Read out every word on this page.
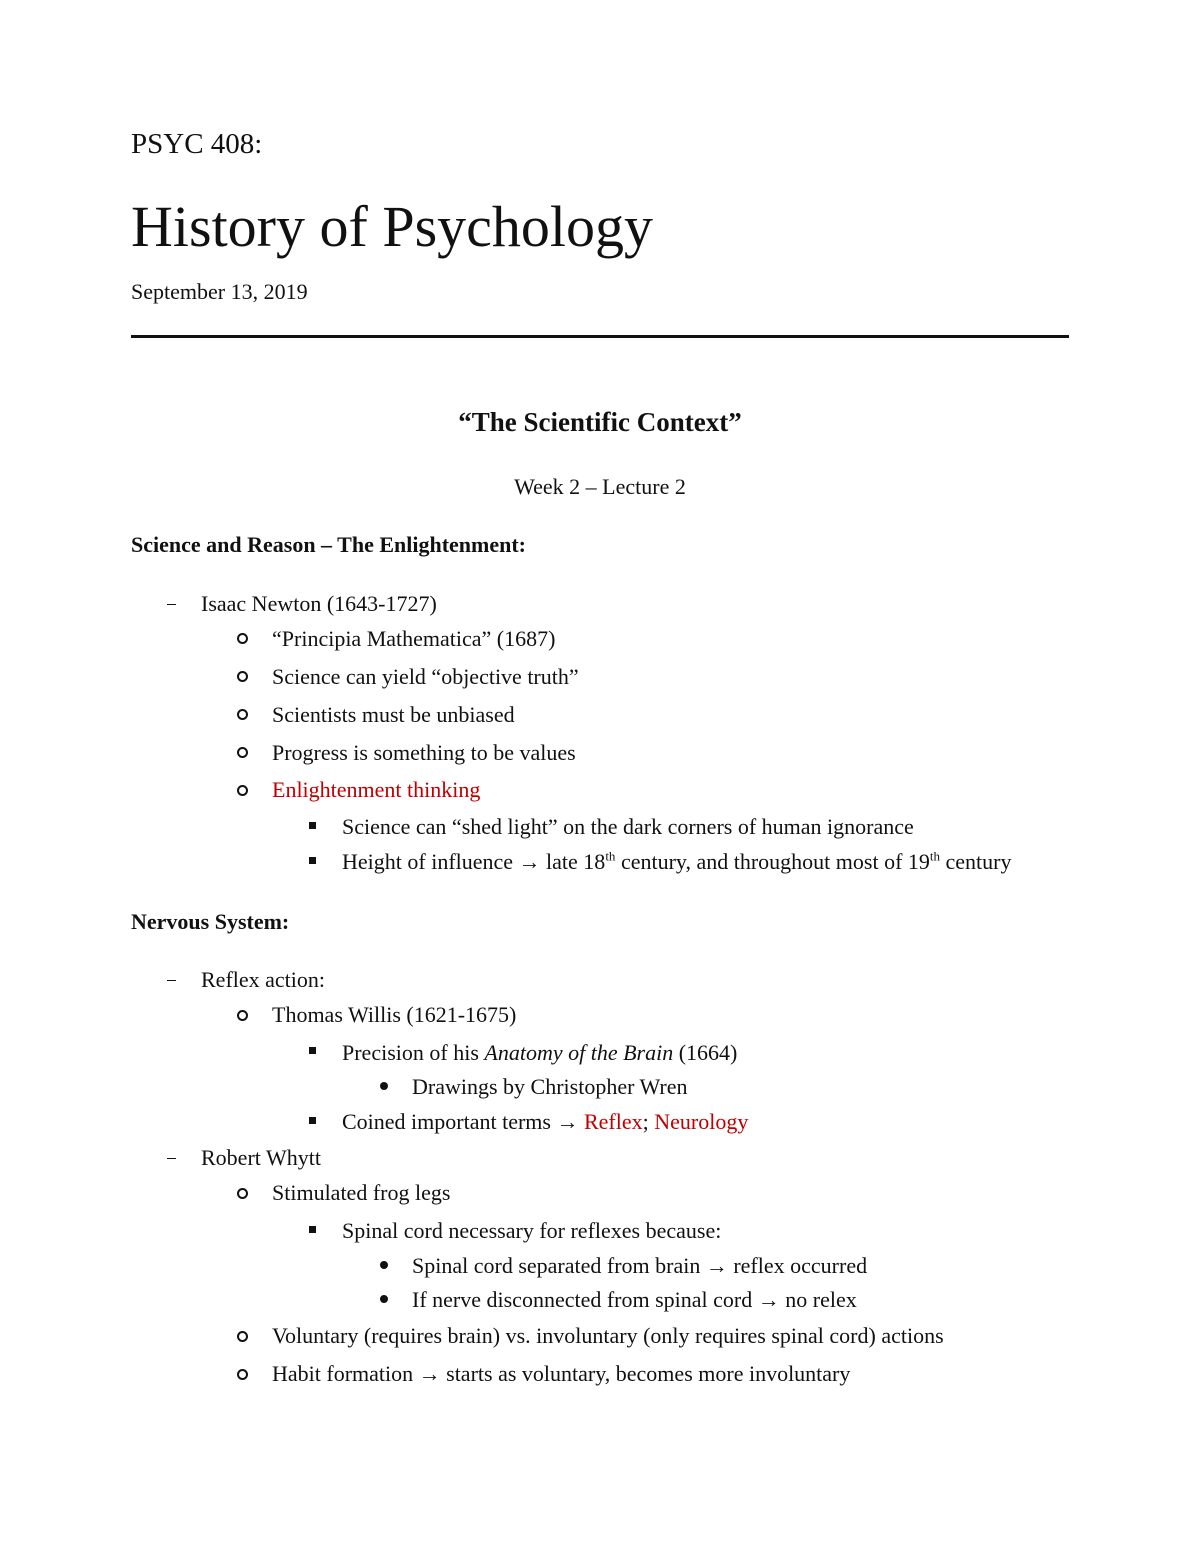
PSYC 408:
History of Psychology
September 13, 2019
“The Scientific Context”
Week 2 – Lecture 2
Science and Reason – The Enlightenment:
Isaac Newton (1643-1727)
“Principia Mathematica” (1687)
Science can yield “objective truth”
Scientists must be unbiased
Progress is something to be values
Enlightenment thinking
Science can “shed light” on the dark corners of human ignorance
Height of influence → late 18th century, and throughout most of 19th century
Nervous System:
Reflex action:
Thomas Willis (1621-1675)
Precision of his Anatomy of the Brain (1664)
Drawings by Christopher Wren
Coined important terms → Reflex; Neurology
Robert Whytt
Stimulated frog legs
Spinal cord necessary for reflexes because:
Spinal cord separated from brain → reflex occurred
If nerve disconnected from spinal cord → no relex
Voluntary (requires brain) vs. involuntary (only requires spinal cord) actions
Habit formation → starts as voluntary, becomes more involuntary
